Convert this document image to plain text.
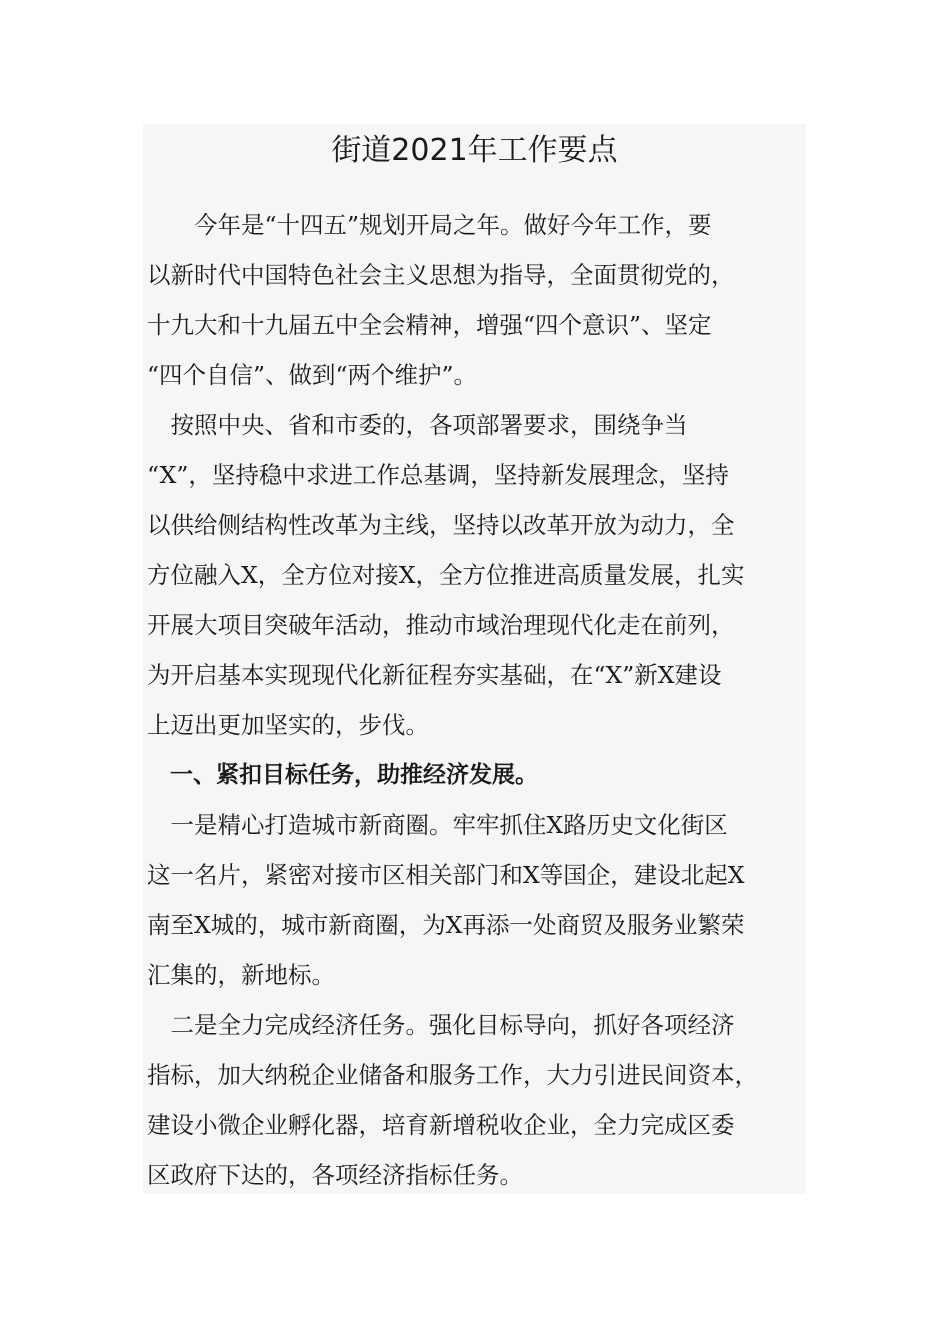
街道2021年工作要点
　　今年是“十四五”规划开局之年。做好今年工作，要
以新时代中国特色社会主义思想为指导，全面贯彻党的，
十九大和十九届五中全会精神，增强“四个意识”、坚定
“四个自信”、做到“两个维护”。
　按照中央、省和市委的，各项部署要求，围绕争当
“X”，坚持稳中求进工作总基调，坚持新发展理念，坚持
以供给侧结构性改革为主线，坚持以改革开放为动力，全
方位融入X，全方位对接X，全方位推进高质量发展，扎实
开展大项目突破年活动，推动市域治理现代化走在前列，
为开启基本实现现代化新征程夯实基础，在“X”新X建设
上迈出更加坚实的，步伐。
　一、紧扣目标任务，助推经济发展。
　一是精心打造城市新商圈。牢牢抓住X路历史文化街区
这一名片，紧密对接市区相关部门和X等国企，建设北起X
南至X城的，城市新商圈，为X再添一处商贸及服务业繁荣
汇集的，新地标。
　二是全力完成经济任务。强化目标导向，抓好各项经济
指标，加大纳税企业储备和服务工作，大力引进民间资本，
建设小微企业孵化器，培育新增税收企业，全力完成区委
区政府下达的，各项经济指标任务。
